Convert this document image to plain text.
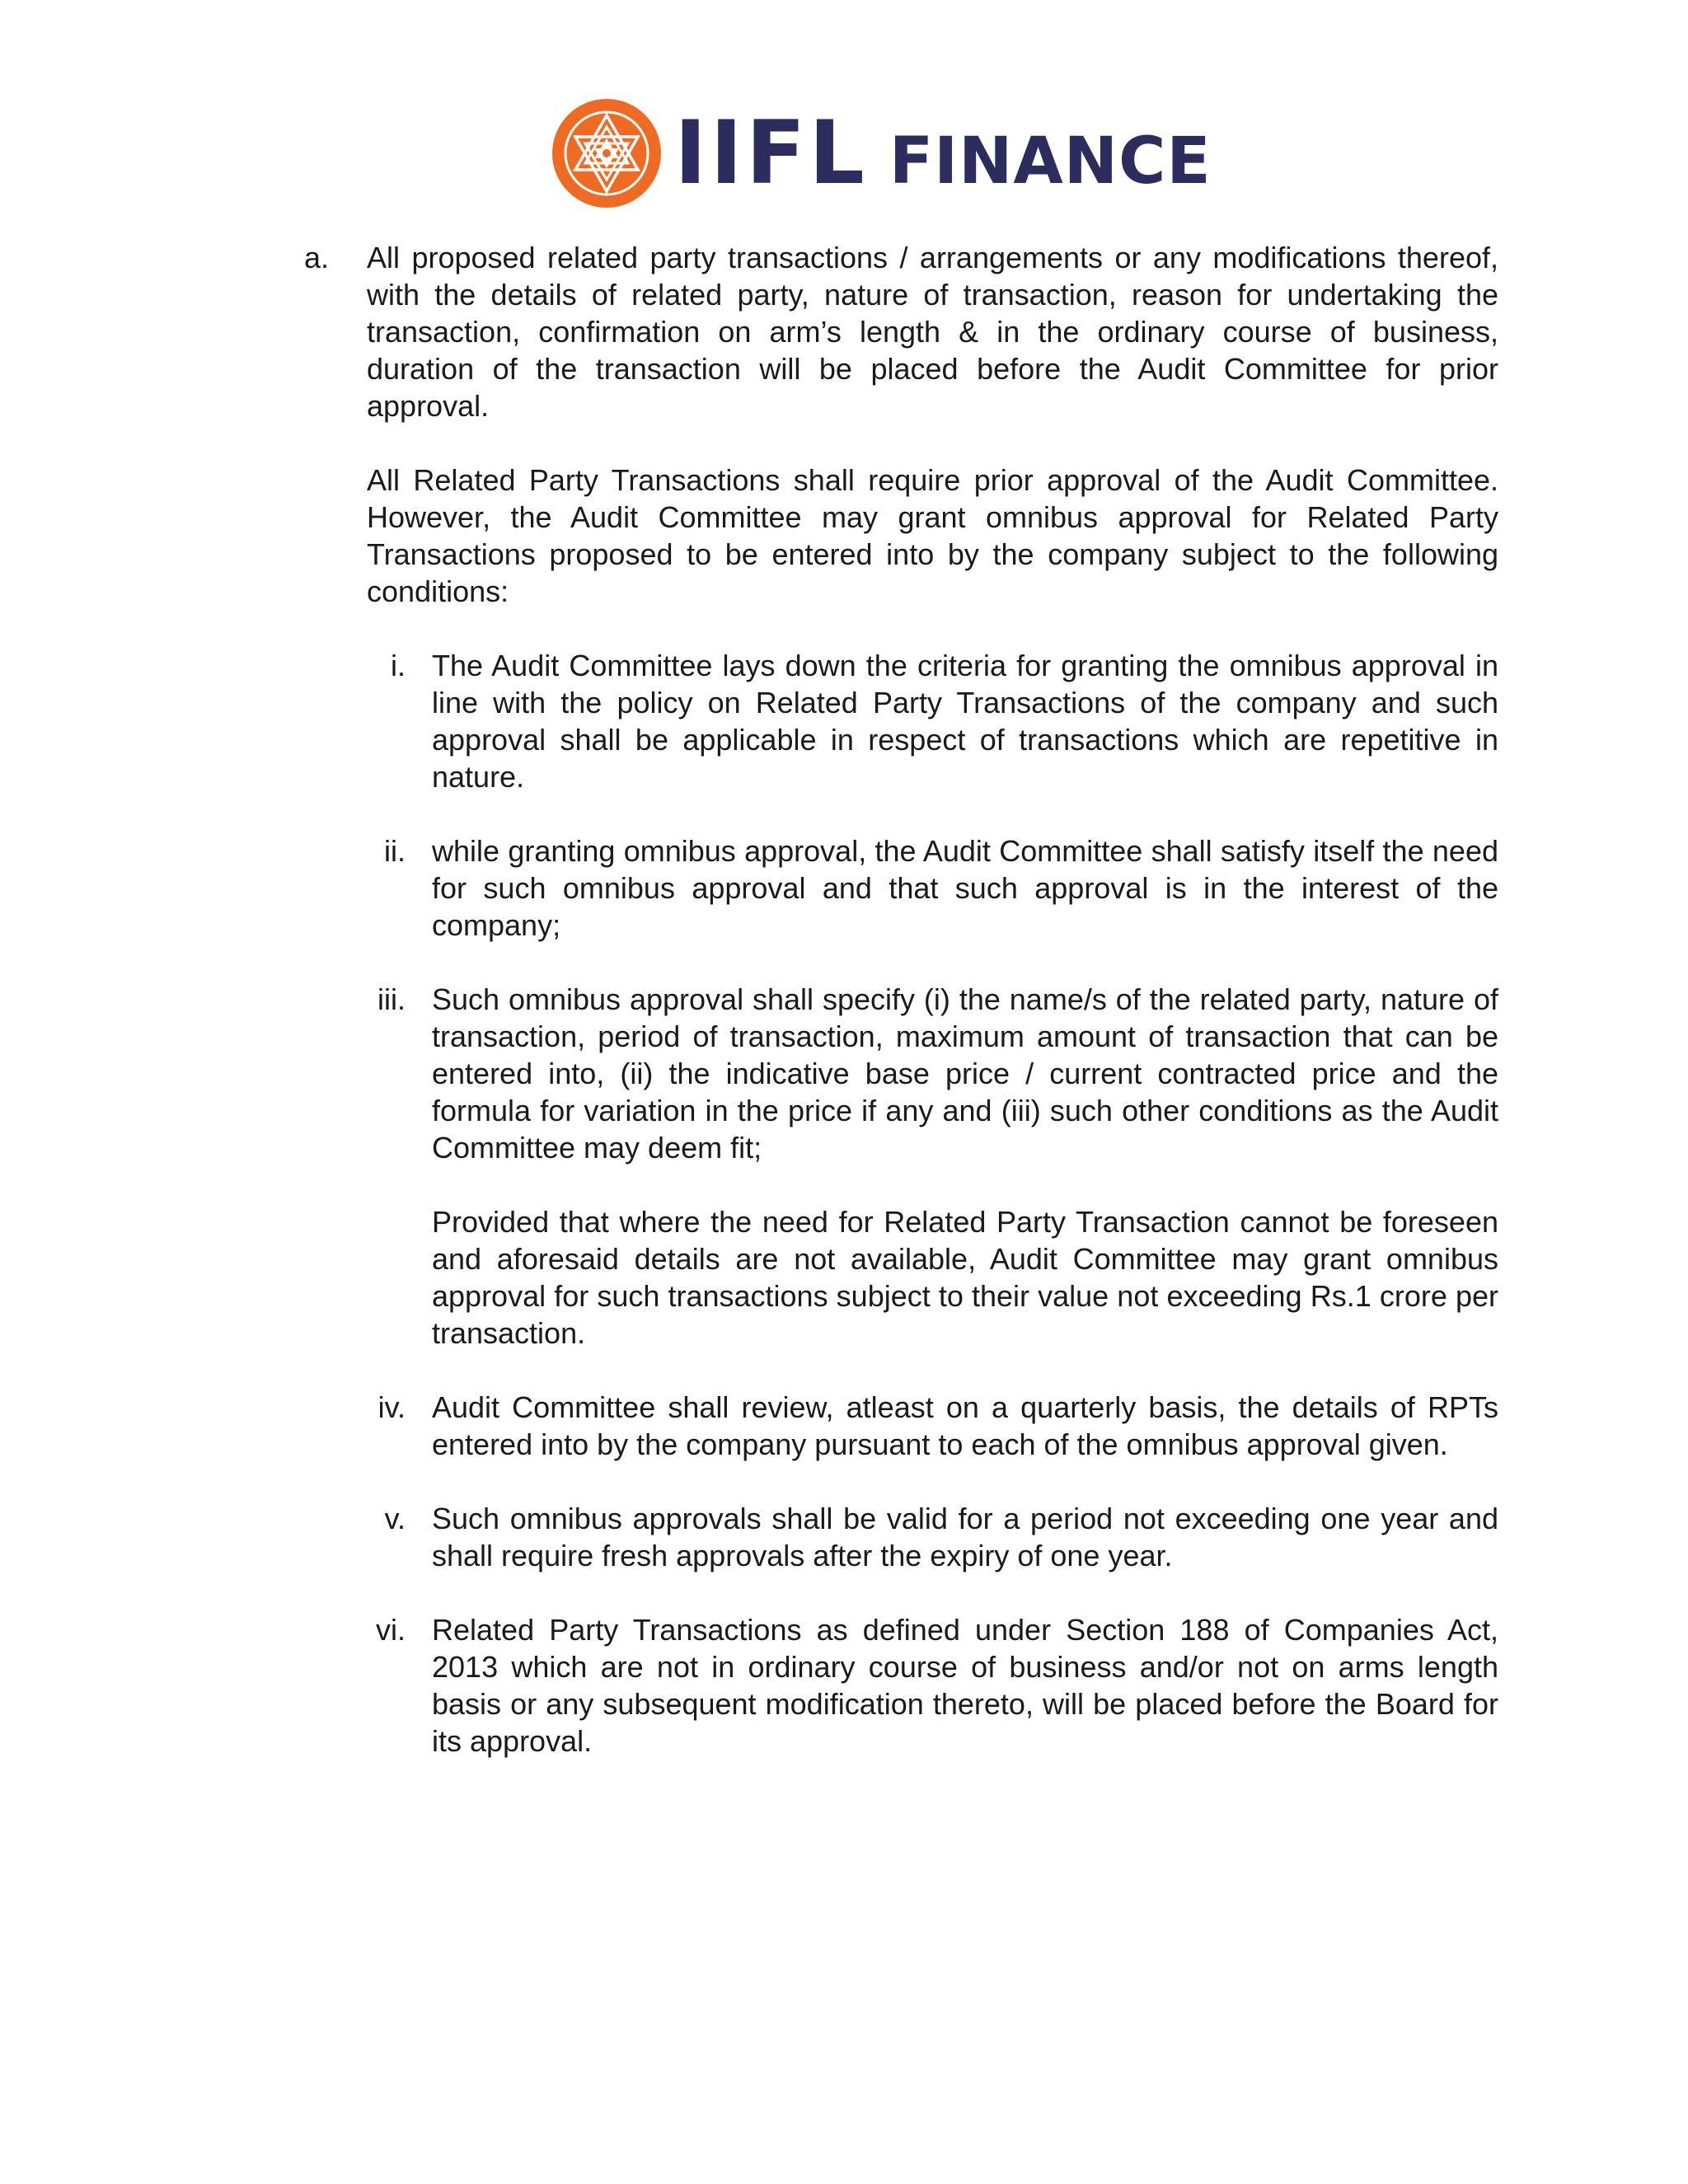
IIFL FINANCE
a. All proposed related party transactions / arrangements or any modifications thereof, with the details of related party, nature of transaction, reason for undertaking the transaction, confirmation on arm’s length & in the ordinary course of business, duration of the transaction will be placed before the Audit Committee for prior approval.
All Related Party Transactions shall require prior approval of the Audit Committee. However, the Audit Committee may grant omnibus approval for Related Party Transactions proposed to be entered into by the company subject to the following conditions:
i. The Audit Committee lays down the criteria for granting the omnibus approval in line with the policy on Related Party Transactions of the company and such approval shall be applicable in respect of transactions which are repetitive in nature.
ii. while granting omnibus approval, the Audit Committee shall satisfy itself the need for such omnibus approval and that such approval is in the interest of the company;
iii. Such omnibus approval shall specify (i) the name/s of the related party, nature of transaction, period of transaction, maximum amount of transaction that can be entered into, (ii) the indicative base price / current contracted price and the formula for variation in the price if any and (iii) such other conditions as the Audit Committee may deem fit;
Provided that where the need for Related Party Transaction cannot be foreseen and aforesaid details are not available, Audit Committee may grant omnibus approval for such transactions subject to their value not exceeding Rs.1 crore per transaction.
iv. Audit Committee shall review, atleast on a quarterly basis, the details of RPTs entered into by the company pursuant to each of the omnibus approval given.
v. Such omnibus approvals shall be valid for a period not exceeding one year and shall require fresh approvals after the expiry of one year.
vi. Related Party Transactions as defined under Section 188 of Companies Act, 2013 which are not in ordinary course of business and/or not on arms length basis or any subsequent modification thereto, will be placed before the Board for its approval.
